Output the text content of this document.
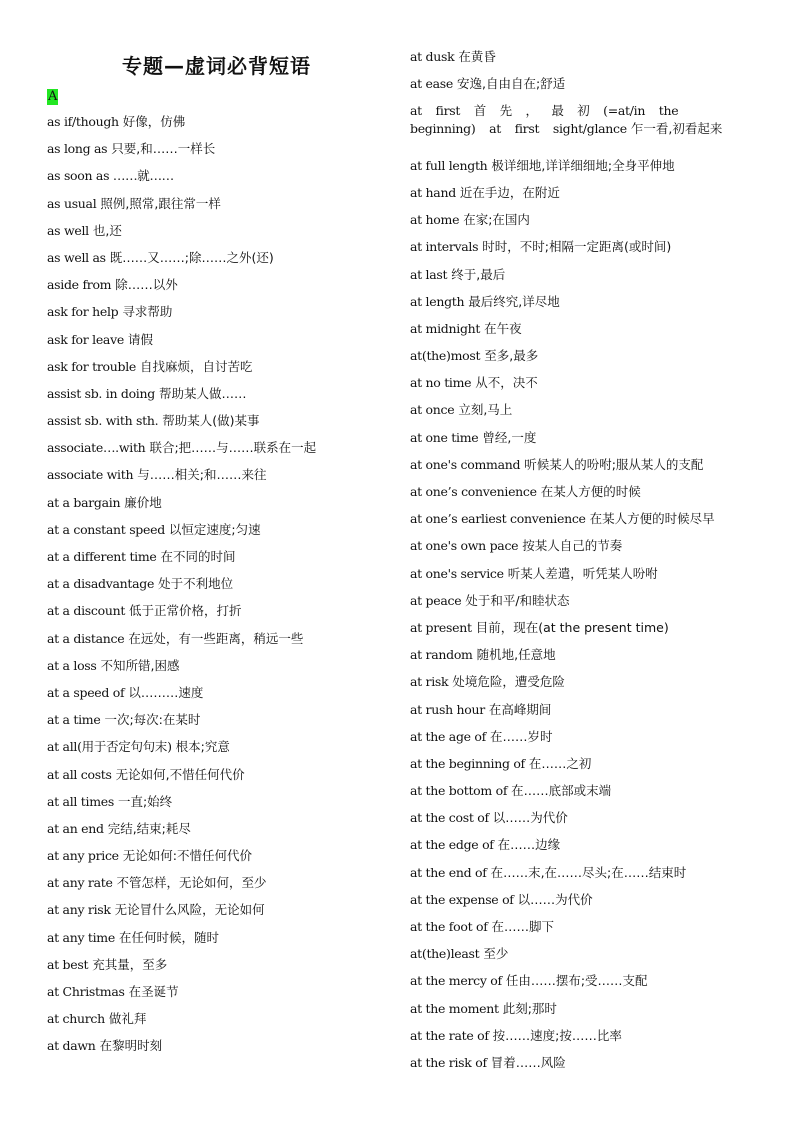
专题—虚词必背短语
A
as if/though 好像，仿佛
as long as 只要,和……一样长
as soon as ……就……
as usual 照例,照常,跟往常一样
as well 也,还
as well as 既……又……;除……之外(还)
aside from 除……以外
ask for help 寻求帮助
ask for leave 请假
ask for trouble 自找麻烦，自讨苦吃
assist sb. in doing 帮助某人做……
assist sb. with sth. 帮助某人(做)某事
associate….with 联合;把……与……联系在一起
associate with 与……相关;和……来往
at a bargain 廉价地
at a constant speed 以恒定速度;匀速
at a different time 在不同的时间
at a disadvantage 处于不利地位
at a discount 低于正常价格，打折
at a distance 在远处，有一些距离，稍远一些
at a loss 不知所错,困感
at a speed of 以………速度
at a time 一次;每次:在某时
at all(用于否定句句末) 根本;究意
at all costs 无论如何,不惜任何代价
at all times 一直;始终
at an end 完结,结束;耗尽
at any price 无论如何:不惜任何代价
at any rate 不管怎样，无论如何，至少
at any risk 无论冒什么风险，无论如何
at any time 在任何时候，随时
at best 充其量，至多
at Christmas 在圣诞节
at church 做礼拜
at dawn 在黎明时刻
at dusk 在黄昏
at ease 安逸,自由自在;舒适
at first 首 先 ， 最 初 (=at/in the beginning) at first sight/glance 乍一看,初看起来
at full length 极详细地,详详细细地;全身平伸地
at hand 近在手边，在附近
at home 在家;在国内
at intervals 时时，不时;相隔一定距离(或时间)
at last 终于,最后
at length 最后终究,详尽地
at midnight 在午夜
at(the)most 至多,最多
at no time 从不，决不
at once 立刻,马上
at one time 曾经,一度
at one's command 听候某人的吩咐;服从某人的支配
at one’s convenience 在某人方便的时候
at one’s earliest convenience 在某人方便的时候尽早
at one's own pace 按某人自己的节奏
at one's service 听某人差遣，听凭某人吩咐
at peace 处于和平/和睦状态
at present 目前，现在(at the present time)
at random 随机地,任意地
at risk 处境危险，遭受危险
at rush hour 在高峰期间
at the age of 在……岁时
at the beginning of 在……之初
at the bottom of 在……底部或末端
at the cost of 以……为代价
at the edge of 在……边缘
at the end of 在……末,在……尽头;在……结束时
at the expense of 以……为代价
at the foot of 在……脚下
at(the)least 至少
at the mercy of 任由……摆布;受……支配
at the moment 此刻;那时
at the rate of 按……速度;按……比率
at the risk of 冒着……风险
